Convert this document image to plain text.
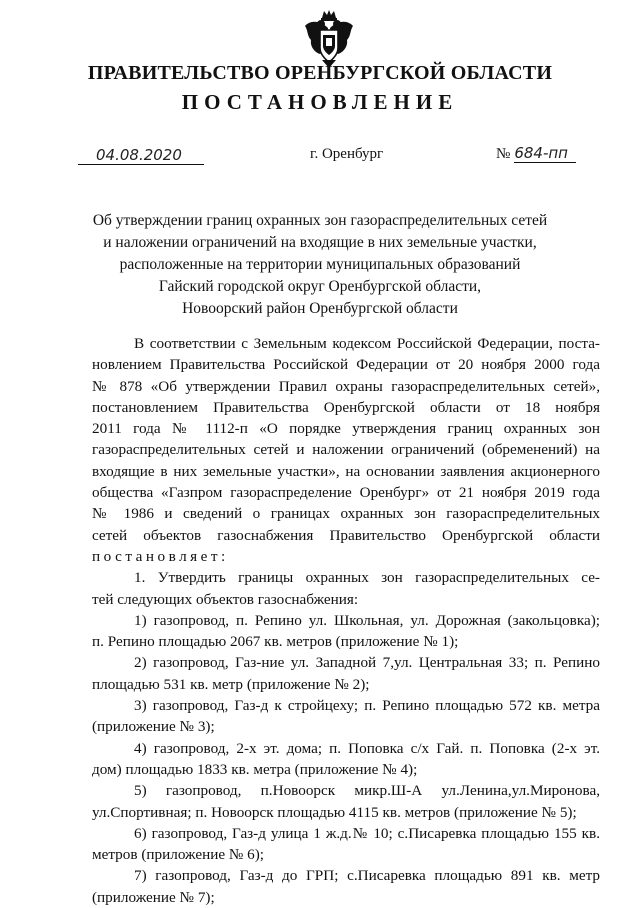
ПРАВИТЕЛЬСТВО ОРЕНБУРГСКОЙ ОБЛАСТИ
ПОСТАНОВЛЕНИЕ
04.08.2020	г. Оренбург	№ 684-пп
Об утверждении границ охранных зон газораспределительных сетей
и наложении ограничений на входящие в них земельные участки,
расположенные на территории муниципальных образований
Гайский городской округ Оренбургской области,
Новоорский район Оренбургской области
В соответствии с Земельным кодексом Российской Федерации, поста-
новлением Правительства Российской Федерации от 20 ноября 2000 года
№ 878 «Об утверждении Правил охраны газораспределительных сетей»,
постановлением Правительства Оренбургской области от 18 ноября
2011 года № 1112-п «О порядке утверждения границ охранных зон
газораспределительных сетей и наложении ограничений (обременений) на
входящие в них земельные участки», на основании заявления акционерного
общества «Газпром газораспределение Оренбург» от 21 ноября 2019 года
№ 1986 и сведений о границах охранных зон газораспределительных
сетей объектов газоснабжения Правительство Оренбургской области
постановляет:
1. Утвердить границы охранных зон газораспределительных се-
тей следующих объектов газоснабжения:
1) газопровод, п. Репино ул. Школьная, ул. Дорожная (закольцовка);
п. Репино площадью 2067 кв. метров (приложение № 1);
2) газопровод, Газ-ние ул. Западной 7,ул. Центральная 33; п. Репино
площадью 531 кв. метр (приложение № 2);
3) газопровод, Газ-д к стройцеху; п. Репино площадью 572 кв. метра
(приложение № 3);
4) газопровод, 2-х эт. дома; п. Поповка с/х Гай. п. Поповка (2-х эт.
дом) площадью 1833 кв. метра (приложение № 4);
5) газопровод, п.Новоорск микр.Ш-А ул.Ленина,ул.Миронова,
ул.Спортивная; п. Новоорск площадью 4115 кв. метров (приложение № 5);
6) газопровод, Газ-д улица 1 ж.д.№ 10; с.Писаревка площадью 155 кв.
метров (приложение № 6);
7) газопровод, Газ-д до ГРП; с.Писаревка площадью 891 кв. метр
(приложение № 7);
